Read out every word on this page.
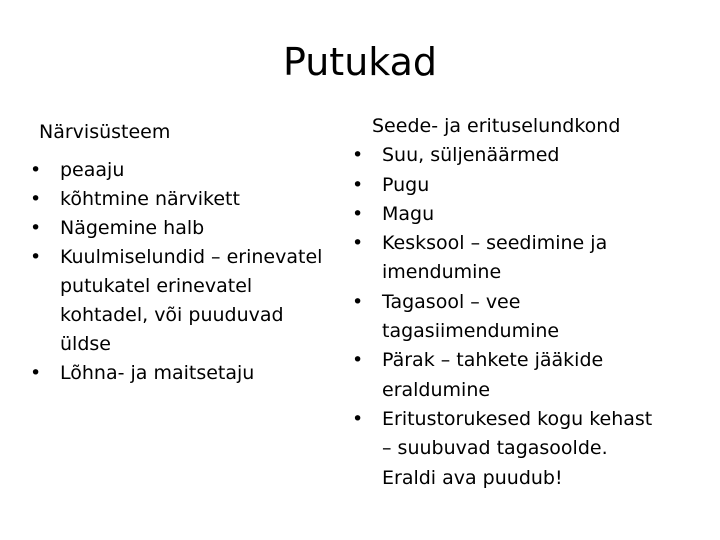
Putukad
Närvisüsteem
• peaaju
• kõhtmine närvikett
• Nägemine halb
• Kuulmiselundid – erinevatel putukatel erinevatel kohtadel, või puuduvad üldse
• Lõhna- ja maitsetaju
Seede- ja erituselundkond
• Suu, süljenäärmed
• Pugu
• Magu
• Kesksool – seedimine ja imendumine
• Tagasool – vee tagasiimendumine
• Pärak – tahkete jääkide eraldumine
• Eritustorukesed kogu kehast – suubuvad tagasoolde. Eraldi ava puudub!
